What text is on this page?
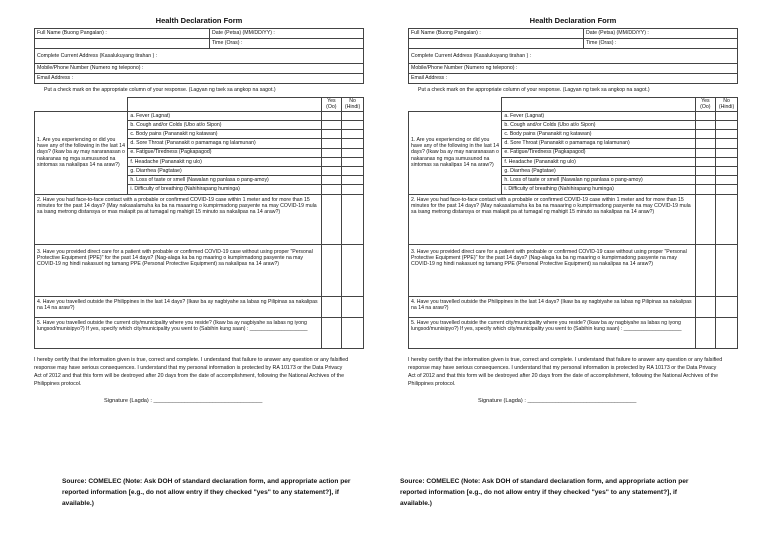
Health Declaration Form
Full Name (Buong Pangalan) :	Date (Petsa) (MM/DD/YY) :
	Time (Oras) :
Complete Current Address (Kasalukuyang tirahan ) :	
Mobile/Phone Number (Numero ng telepono) :	
Email Address :	
Put a check mark on the appropriate column of your response. (Lagyan ng tsek sa angkop na sagot.)
		Yes (Oo)	No (Hindi)
1. Are you experiencing or did you have any of the following in the last 14 days? (Ikaw ba ay may nararanasan o nakaranas ng mga sumusunod na sintomas sa nakalipas 14 na araw?)	a. Fever (Lagnat)		
	b. Cough and/or Colds (Ubo at/o Sipon)		
	c. Body pains (Pananakit ng katawan)		
	d. Sore Throat (Pananakit o pamamaga ng lalamunan)		
	e. Fatigue/Tiredness (Pagkapagod)		
	f. Headache (Pananakit ng ulo)		
	g. Diarrhea (Pagtatae)		
	h. Loss of taste or smell (Nawalan ng panlasa o pang-amoy)		
	i. Difficulty of breathing (Nahihirapang huminga)		
2. Have you had face-to-face contact with a probable or confirmed COVID-19 case within 1 meter and for more than 15 minutes for the past 14 days? (May nakasalamuha ka ba na maaaring o kumpirmadong pasyente na may COVID-19 mula sa isang metrong distansya or mas malapit pa at tumagal ng mahigit 15 minuto sa nakalipas na 14 araw?)			
3. Have you provided direct care for a patient with probable or confirmed COVID-19 case without using proper "Personal Protective Equipment (PPE)" for the past 14 days? (Nag-alaga ka ba ng maaring o kumpirmadong pasyente na may COVID-19 ng hindi nakasuot ng tamang PPE (Personal Protective Equipment) sa nakalipas na 14 araw?)			
4. Have you travelled outside the Philippines in the last 14 days? (Ikaw ba ay nagbiyahe sa labas ng Pilipinas sa nakalipas na 14 na araw?)			
5. Have you travelled outside the current city/municipality where you reside? (Ikaw ba ay nagbiyahe sa labas ng iyong lungsod/munisipyo?) If yes, specify which city/municipality you went to (Sabihin kung saan) : ____________________			
I hereby certify that the information given is true, correct and complete. I understand that failure to answer any question or any falsified response may have serious consequences. I understand that my personal information is protected by RA 10173 or the Data Privacy Act of 2012 and that this form will be destroyed after 20 days from the date of accomplishment, following the National Archives of the Philippines protocol.
Signature (Lagda) : ___________________________________
Health Declaration Form
Full Name (Buong Pangalan) :	Date (Petsa) (MM/DD/YY) :
	Time (Oras) :
Complete Current Address (Kasalukuyang tirahan ) :	
Mobile/Phone Number (Numero ng telepono) :	
Email Address :	
Put a check mark on the appropriate column of your response. (Lagyan ng tsek sa angkop na sagot.)
		Yes (Oo)	No (Hindi)
1. Are you experiencing or did you have any of the following in the last 14 days? (Ikaw ba ay may nararanasan o nakaranas ng mga sumusunod na sintomas sa nakalipas 14 na araw?)	a. Fever (Lagnat)		
	b. Cough and/or Colds (Ubo at/o Sipon)		
	c. Body pains (Pananakit ng katawan)		
	d. Sore Throat (Pananakit o pamamaga ng lalamunan)		
	e. Fatigue/Tiredness (Pagkapagod)		
	f. Headache (Pananakit ng ulo)		
	g. Diarrhea (Pagtatae)		
	h. Loss of taste or smell (Nawalan ng panlasa o pang-amoy)		
	i. Difficulty of breathing (Nahihirapang huminga)		
2. Have you had face-to-face contact with a probable or confirmed COVID-19 case within 1 meter and for more than 15 minutes for the past 14 days? (May nakasalamuha ka ba na maaaring o kumpirmadong pasyente na may COVID-19 mula sa isang metrong distansya or mas malapit pa at tumagal ng mahigit 15 minuto sa nakalipas na 14 araw?)			
3. Have you provided direct care for a patient with probable or confirmed COVID-19 case without using proper "Personal Protective Equipment (PPE)" for the past 14 days? (Nag-alaga ka ba ng maaring o kumpirmadong pasyente na may COVID-19 ng hindi nakasuot ng tamang PPE (Personal Protective Equipment) sa nakalipas na 14 araw?)			
4. Have you travelled outside the Philippines in the last 14 days? (Ikaw ba ay nagbiyahe sa labas ng Pilipinas sa nakalipas na 14 na araw?)			
5. Have you travelled outside the current city/municipality where you reside? (Ikaw ba ay nagbiyahe sa labas ng iyong lungsod/munisipyo?) If yes, specify which city/municipality you went to (Sabihin kung saan) : ____________________			
I hereby certify that the information given is true, correct and complete. I understand that failure to answer any question or any falsified response may have serious consequences. I understand that my personal information is protected by RA 10173 or the Data Privacy Act of 2012 and that this form will be destroyed after 20 days from the date of accomplishment, following the National Archives of the Philippines protocol.
Signature (Lagda) : ___________________________________
Source: COMELEC (Note: Ask DOH of standard declaration form, and appropriate action per reported information [e.g., do not allow entry if they checked "yes" to any statement?], if available.)
Source: COMELEC (Note: Ask DOH of standard declaration form, and appropriate action per reported information [e.g., do not allow entry if they checked "yes" to any statement?], if available.)
